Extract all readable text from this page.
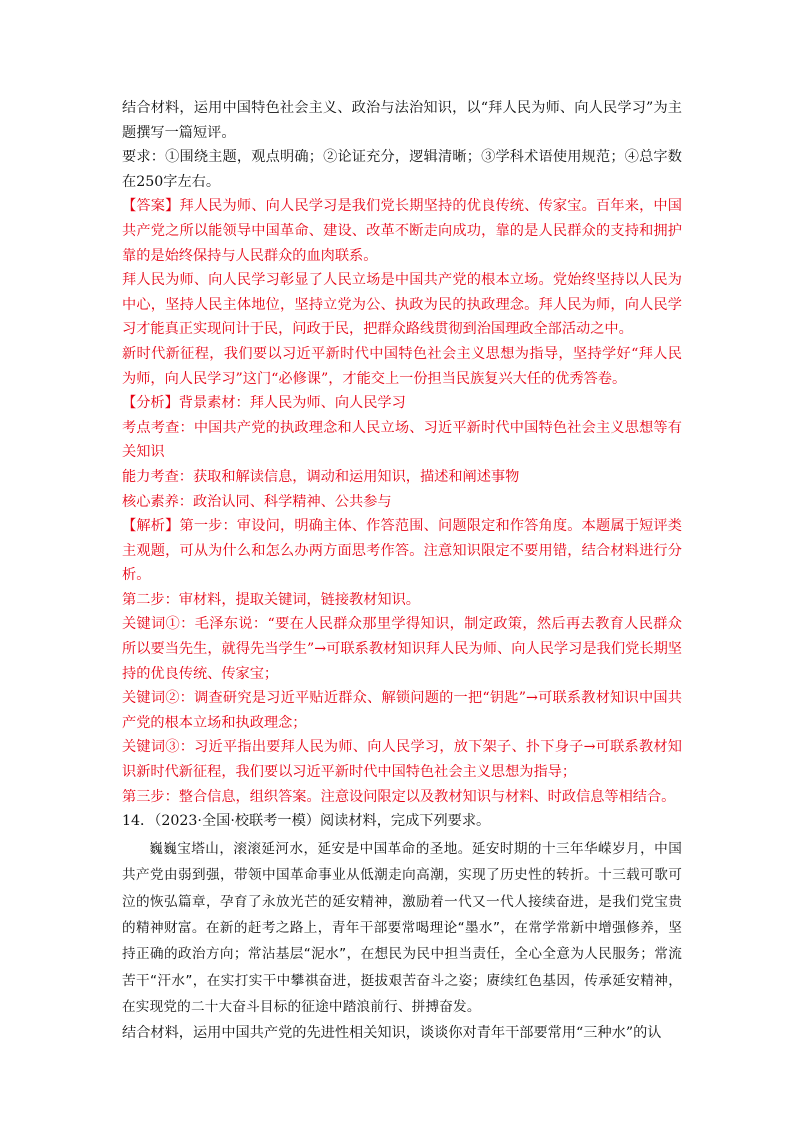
结合材料，运用中国特色社会主义、政治与法治知识，以“拜人民为师、向人民学习”为主题撰写一篇短评。

要求：①围绕主题，观点明确；②论证充分，逻辑清晰；③学科术语使用规范；④总字数在250字左右。

【答案】拜人民为师、向人民学习是我们党长期坚持的优良传统、传家宝。百年来，中国共产党之所以能领导中国革命、建设、改革不断走向成功，靠的是人民群众的支持和拥护靠的是始终保持与人民群众的血肉联系。

拜人民为师、向人民学习彰显了人民立场是中国共产党的根本立场。党始终坚持以人民为中心，坚持人民主体地位，坚持立党为公、执政为民的执政理念。拜人民为师，向人民学习才能真正实现问计于民，问政于民，把群众路线贯彻到治国理政全部活动之中。

新时代新征程，我们要以习近平新时代中国特色社会主义思想为指导，坚持学好“拜人民为师，向人民学习”这门“必修课”，才能交上一份担当民族复兴大任的优秀答卷。

【分析】背景素材：拜人民为师、向人民学习

考点考查：中国共产党的执政理念和人民立场、习近平新时代中国特色社会主义思想等有关知识

能力考查：获取和解读信息，调动和运用知识，描述和阐述事物

核心素养：政治认同、科学精神、公共参与

【解析】第一步：审设问，明确主体、作答范围、问题限定和作答角度。本题属于短评类主观题，可从为什么和怎么办两方面思考作答。注意知识限定不要用错，结合材料进行分析。

第二步：审材料，提取关键词，链接教材知识。

关键词①：毛泽东说：“要在人民群众那里学得知识，制定政策，然后再去教育人民群众所以要当先生，就得先当学生”→可联系教材知识拜人民为师、向人民学习是我们党长期坚持的优良传统、传家宝；

关键词②：调查研究是习近平贴近群众、解锁问题的一把“钥匙”→可联系教材知识中国共产党的根本立场和执政理念；

关键词③：习近平指出要拜人民为师、向人民学习，放下架子、扑下身子→可联系教材知识新时代新征程，我们要以习近平新时代中国特色社会主义思想为指导；

第三步：整合信息，组织答案。注意设问限定以及教材知识与材料、时政信息等相结合。

14．（2023·全国·校联考一模）阅读材料，完成下列要求。

巍巍宝塔山，滚滚延河水，延安是中国革命的圣地。延安时期的十三年华嵘岁月，中国共产党由弱到强，带领中国革命事业从低潮走向高潮，实现了历史性的转折。十三载可歌可泣的恢弘篇章，孕育了永放光芒的延安精神，激励着一代又一代人接续奋进，是我们党宝贵的精神财富。在新的赶考之路上，青年干部要常喝理论“墨水”，在常学常新中增强修养，坚持正确的政治方向；常沾基层“泥水”，在想民为民中担当责任，全心全意为人民服务；常流苦干“汗水”，在实打实干中攀祺奋进，挺拔艰苦奋斗之姿；赓续红色基因，传承延安精神，在实现党的二十大奋斗目标的征途中踏浪前行、拼搏奋发。

结合材料，运用中国共产党的先进性相关知识，谈谈你对青年干部要常用“三种水”的认
